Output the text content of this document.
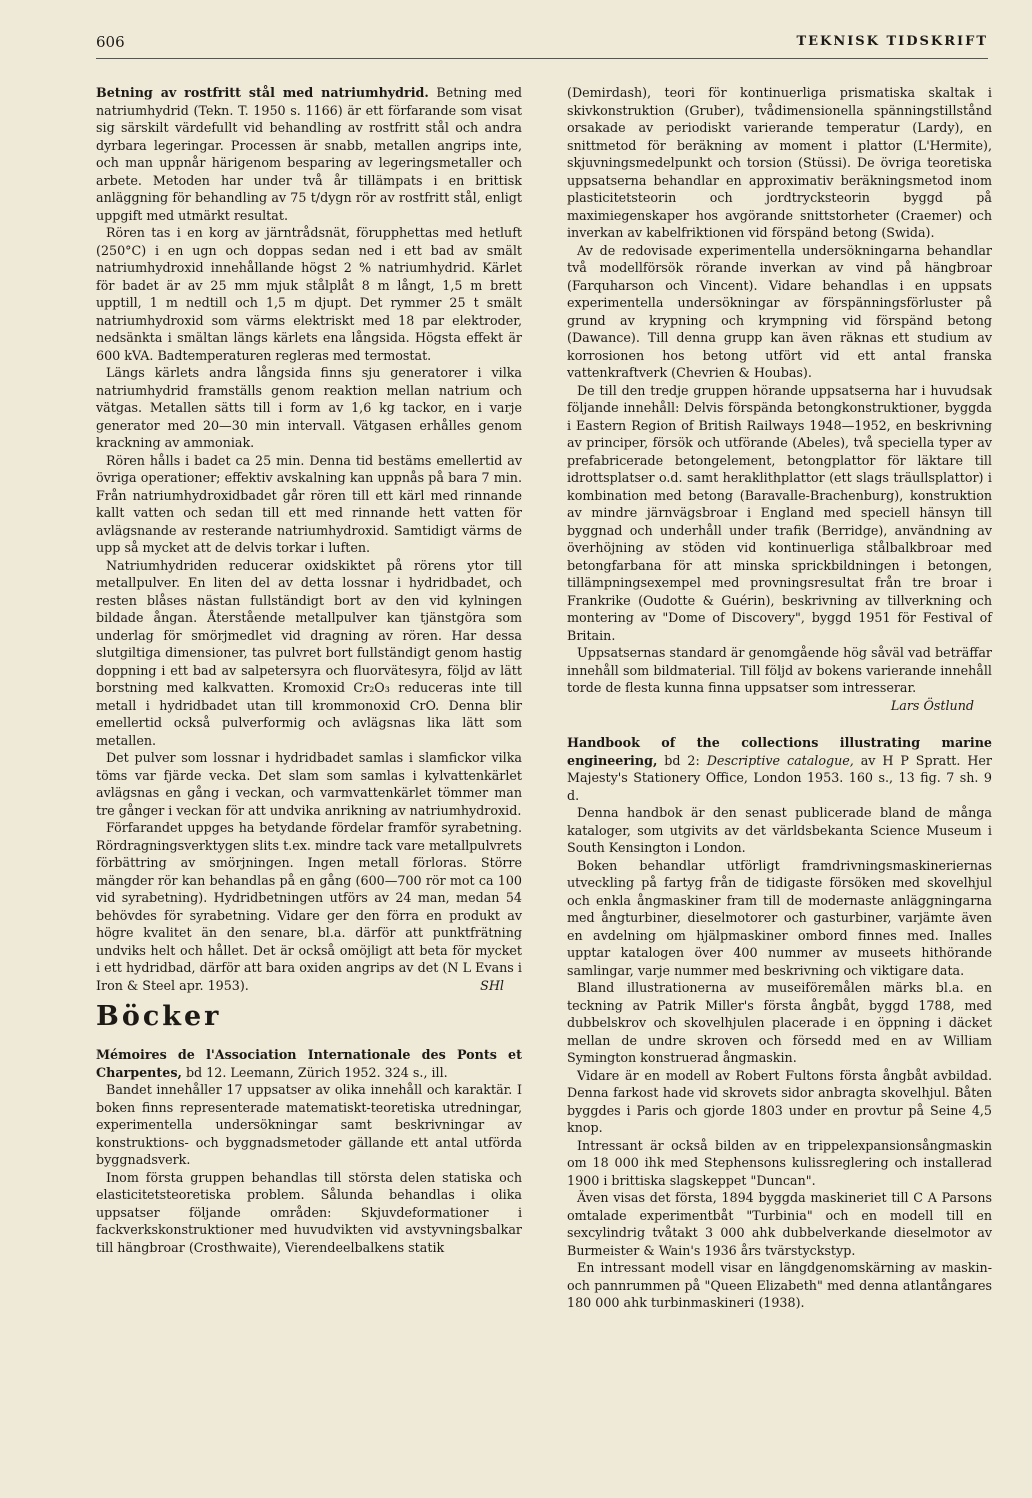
606	TEKNISK TIDSKRIFT

Betning av rostfritt stål med natriumhydrid. Betning med natriumhydrid (Tekn. T. 1950 s. 1166) är ett förfarande som visat sig särskilt värdefullt vid behandling av rostfritt stål och andra dyrbara legeringar. Processen är snabb, metallen angrips inte, och man uppnår härigenom besparing av legeringsmetaller och arbete. Metoden har under två år tillämpats i en brittisk anläggning för behandling av 75 t/dygn rör av rostfritt stål, enligt uppgift med utmärkt resultat.

Rören tas i en korg av järntrådsnät, förupphettas med hetluft (250°C) i en ugn och doppas sedan ned i ett bad av smält natriumhydroxid innehållande högst 2 % natriumhydrid. Kärlet för badet är av 25 mm mjuk stålplåt 8 m långt, 1,5 m brett upptill, 1 m nedtill och 1,5 m djupt. Det rymmer 25 t smält natriumhydroxid som värms elektriskt med 18 par elektroder, nedsänkta i smältan längs kärlets ena långsida. Högsta effekt är 600 kVA. Badtemperaturen regleras med termostat.

Längs kärlets andra långsida finns sju generatorer i vilka natriumhydrid framställs genom reaktion mellan natrium och vätgas. Metallen sätts till i form av 1,6 kg tackor, en i varje generator med 20—30 min intervall. Vätgasen erhålles genom krackning av ammoniak.

Rören hålls i badet ca 25 min. Denna tid bestäms emellertid av övriga operationer; effektiv avskalning kan uppnås på bara 7 min. Från natriumhydroxidbadet går rören till ett kärl med rinnande kallt vatten och sedan till ett med rinnande hett vatten för avlägsnande av resterande natriumhydroxid. Samtidigt värms de upp så mycket att de delvis torkar i luften.

Natriumhydriden reducerar oxidskiktet på rörens ytor till metallpulver. En liten del av detta lossnar i hydridbadet, och resten blåses nästan fullständigt bort av den vid kylningen bildade ångan. Återstående metallpulver kan tjänstgöra som underlag för smörjmedlet vid dragning av rören. Har dessa slutgiltiga dimensioner, tas pulvret bort fullständigt genom hastig doppning i ett bad av salpetersyra och fluorvätesyra, följd av lätt borstning med kalkvatten. Kromoxid Cr₂O₃ reduceras inte till metall i hydridbadet utan till krommonoxid CrO. Denna blir emellertid också pulverformig och avlägsnas lika lätt som metallen.

Det pulver som lossnar i hydridbadet samlas i slamfickor vilka töms var fjärde vecka. Det slam som samlas i kylvattenkärlet avlägsnas en gång i veckan, och varmvattenkärlet tömmer man tre gånger i veckan för att undvika anrikning av natriumhydroxid.

Förfarandet uppges ha betydande fördelar framför syrabetning. Rördragningsverktygen slits t.ex. mindre tack vare metallpulvrets förbättring av smörjningen. Ingen metall förloras. Större mängder rör kan behandlas på en gång (600—700 rör mot ca 100 vid syrabetning). Hydridbetningen utförs av 24 man, medan 54 behövdes för syrabetning. Vidare ger den förra en produkt av högre kvalitet än den senare, bl.a. därför att punktfrätning undviks helt och hållet. Det är också omöjligt att beta för mycket i ett hydridbad, därför att bara oxiden angrips av det (N L Evans i Iron & Steel apr. 1953).	SHl

Böcker

Mémoires de l'Association Internationale des Ponts et Charpentes, bd 12. Leemann, Zürich 1952. 324 s., ill.

Bandet innehåller 17 uppsatser av olika innehåll och karaktär. I boken finns representerade matematiskt-teoretiska utredningar, experimentella undersökningar samt beskrivningar av konstruktions- och byggnadsmetoder gällande ett antal utförda byggnadsverk.

Inom första gruppen behandlas till största delen statiska och elasticitetsteoretiska problem. Sålunda behandlas i olika uppsatser följande områden: Skjuvdeformationer i fackverkskonstruktioner med huvudvikten vid avstyvningsbalkar till hängbroar (Crosthwaite), Vierendeelbalkens statik

(Demirdash), teori för kontinuerliga prismatiska skaltak i skivkonstruktion (Gruber), tvådimensionella spänningstillstånd orsakade av periodiskt varierande temperatur (Lardy), en snittmetod för beräkning av moment i plattor (L'Hermite), skjuvningsmedelpunkt och torsion (Stüssi). De övriga teoretiska uppsatserna behandlar en approximativ beräkningsmetod inom plasticitetsteorin och jordtrycksteorin byggd på maximiegenskaper hos avgörande snittstorheter (Craemer) och inverkan av kabelfriktionen vid förspänd betong (Swida).

Av de redovisade experimentella undersökningarna behandlar två modellförsök rörande inverkan av vind på hängbroar (Farquharson och Vincent). Vidare behandlas i en uppsats experimentella undersökningar av förspänningsförluster på grund av krypning och krympning vid förspänd betong (Dawance). Till denna grupp kan även räknas ett studium av korrosionen hos betong utfört vid ett antal franska vattenkraftverk (Chevrien & Houbas).

De till den tredje gruppen hörande uppsatserna har i huvudsak följande innehåll: Delvis förspända betongkonstruktioner, byggda i Eastern Region of British Railways 1948—1952, en beskrivning av principer, försök och utförande (Abeles), två speciella typer av prefabricerade betongelement, betongplattor för läktare till idrottsplatser o.d. samt heraklithplattor (ett slags träullsplattor) i kombination med betong (Baravalle-Brachenburg), konstruktion av mindre järnvägsbroar i England med speciell hänsyn till byggnad och underhåll under trafik (Berridge), användning av överhöjning av stöden vid kontinuerliga stålbalkbroar med betongfarbana för att minska sprickbildningen i betongen, tillämpningsexempel med provningsresultat från tre broar i Frankrike (Oudotte & Guérin), beskrivning av tillverkning och montering av "Dome of Discovery", byggd 1951 för Festival of Britain.

Uppsatsernas standard är genomgående hög såväl vad beträffar innehåll som bildmaterial. Till följd av bokens varierande innehåll torde de flesta kunna finna uppsatser som intresserar.
Lars Östlund

Handbook of the collections illustrating marine engineering, bd 2: Descriptive catalogue, av H P Spratt. Her Majesty's Stationery Office, London 1953. 160 s., 13 fig. 7 sh. 9 d.

Denna handbok är den senast publicerade bland de många kataloger, som utgivits av det världsbekanta Science Museum i South Kensington i London.

Boken behandlar utförligt framdrivningsmaskineriernas utveckling på fartyg från de tidigaste försöken med skovelhjul och enkla ångmaskiner fram till de modernaste anläggningarna med ångturbiner, dieselmotorer och gasturbiner, varjämte även en avdelning om hjälpmaskiner ombord finnes med. Inalles upptar katalogen över 400 nummer av museets hithörande samlingar, varje nummer med beskrivning och viktigare data.

Bland illustrationerna av museiföremålen märks bl.a. en teckning av Patrik Miller's första ångbåt, byggd 1788, med dubbelskrov och skovelhjulen placerade i en öppning i däcket mellan de undre skroven och försedd med en av William Symington konstruerad ångmaskin.

Vidare är en modell av Robert Fultons första ångbåt avbildad. Denna farkost hade vid skrovets sidor anbragta skovelhjul. Båten byggdes i Paris och gjorde 1803 under en provtur på Seine 4,5 knop.

Intressant är också bilden av en trippelexpansionsångmaskin om 18 000 ihk med Stephensons kulissreglering och installerad 1900 i brittiska slagskeppet "Duncan".

Även visas det första, 1894 byggda maskineriet till C A Parsons omtalade experimentbåt "Turbinia" och en modell till en sexcylindrig tvåtakt 3 000 ahk dubbelverkande dieselmotor av Burmeister & Wain's 1936 års tvärstyckstyp.

En intressant modell visar en längdgenomskärning av maskin- och pannrummen på "Queen Elizabeth" med denna atlantångares 180 000 ahk turbinmaskineri (1938).
